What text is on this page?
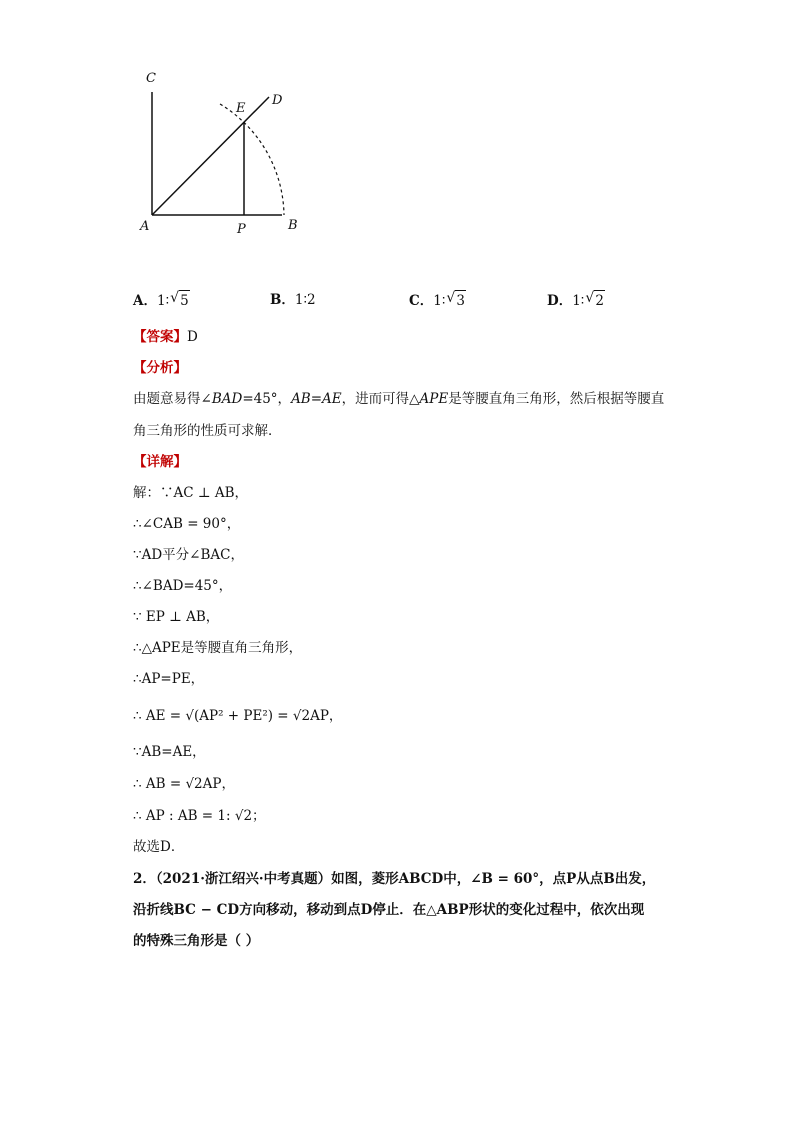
C
D
E
A	P	B
A．1∶ √ 5	B．1∶2	C．1∶ √ 3	D．1∶ √ 2
【答案】D
【分析】
由题意易得∠BAD=45°，AB=AE，进而可得△APE是等腰直角三角形，然后根据等腰直
角三角形的性质可求解．
【详解】
解：∵AC ⊥ AB，
∴∠CAB = 90°，
∵AD平分∠BAC，
∴∠BAD=45°，
∵ EP ⊥ AB，
∴△APE是等腰直角三角形，
∴AP=PE，
∴ AE = √(AP² + PE²) = √2AP，
∵AB=AE，
∴ AB = √2AP，
∴ AP : AB = 1: √2；
故选D．
2．（2021·浙江绍兴·中考真题）如图，菱形ABCD中，∠B = 60°，点P从点B出发，
沿折线BC − CD方向移动，移动到点D停止．在△ABP形状的变化过程中，依次出现
的特殊三角形是（ ）
